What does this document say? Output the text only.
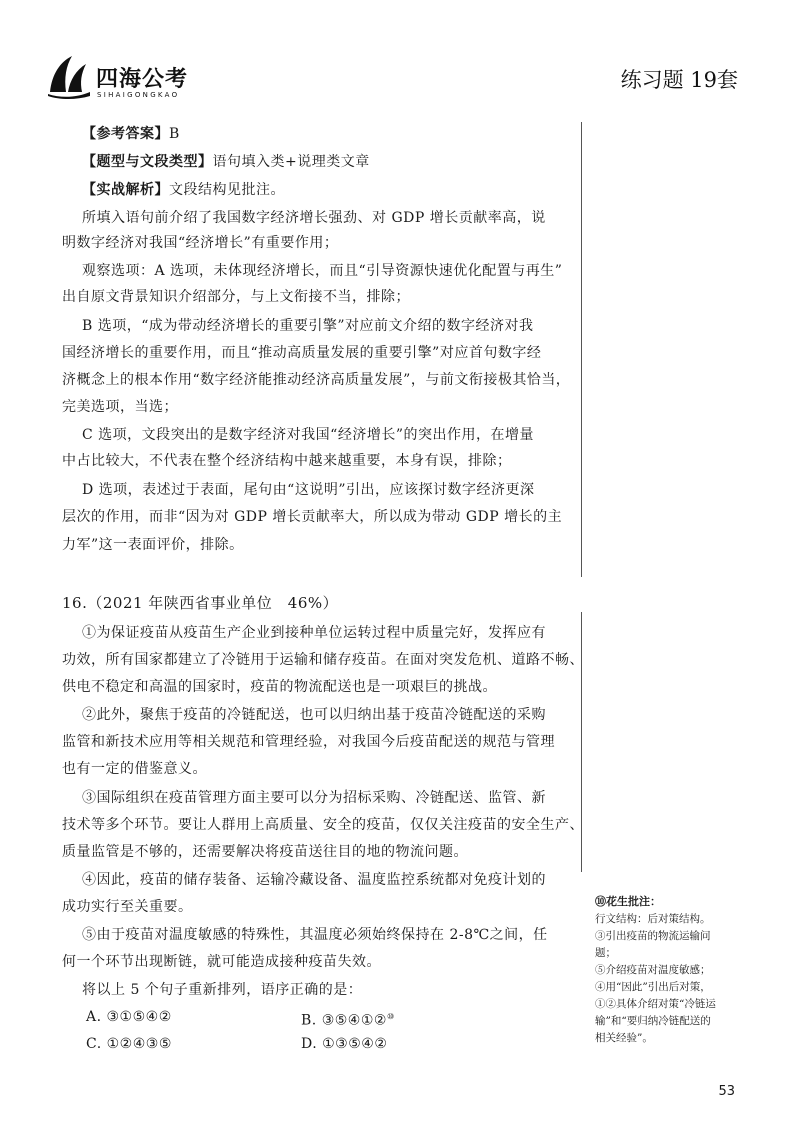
四海公考
SIHAIGONGKAO
练习题 19套
【参考答案】B
【题型与文段类型】语句填入类+说理类文章
【实战解析】文段结构见批注。
所填入语句前介绍了我国数字经济增长强劲、对 GDP 增长贡献率高，说
明数字经济对我国“经济增长”有重要作用；
观察选项：A 选项，未体现经济增长，而且“引导资源快速优化配置与再生”
出自原文背景知识介绍部分，与上文衔接不当，排除；
B 选项，“成为带动经济增长的重要引擎”对应前文介绍的数字经济对我
国经济增长的重要作用，而且“推动高质量发展的重要引擎”对应首句数字经
济概念上的根本作用“数字经济能推动经济高质量发展”，与前文衔接极其恰当，
完美选项，当选；
C 选项，文段突出的是数字经济对我国“经济增长”的突出作用，在增量
中占比较大，不代表在整个经济结构中越来越重要，本身有误，排除；
D 选项，表述过于表面，尾句由“这说明”引出，应该探讨数字经济更深
层次的作用，而非“因为对 GDP 增长贡献率大，所以成为带动 GDP 增长的主
力军”这一表面评价，排除。
16.（2021 年陕西省事业单位　46%）
①为保证疫苗从疫苗生产企业到接种单位运转过程中质量完好，发挥应有
功效，所有国家都建立了冷链用于运输和储存疫苗。在面对突发危机、道路不畅、
供电不稳定和高温的国家时，疫苗的物流配送也是一项艰巨的挑战。
②此外，聚焦于疫苗的冷链配送，也可以归纳出基于疫苗冷链配送的采购
监管和新技术应用等相关规范和管理经验，对我国今后疫苗配送的规范与管理
也有一定的借鉴意义。
③国际组织在疫苗管理方面主要可以分为招标采购、冷链配送、监管、新
技术等多个环节。要让人群用上高质量、安全的疫苗，仅仅关注疫苗的安全生产、
质量监管是不够的，还需要解决将疫苗送往目的地的物流问题。
④因此，疫苗的储存装备、运输冷藏设备、温度监控系统都对免疫计划的
成功实行至关重要。
⑤由于疫苗对温度敏感的特殊性，其温度必须始终保持在 2-8℃之间，任
何一个环节出现断链，就可能造成接种疫苗失效。
将以上 5 个句子重新排列，语序正确的是：
A. ③①⑤④②	B. ③⑤④①②⑩
C. ①②④③⑤	D. ①③⑤④②
⑩花生批注：
行文结构：后对策结构。
③引出疫苗的物流运输问
题；
⑤介绍疫苗对温度敏感；
④用“因此”引出后对策，
①②具体介绍对策“冷链运
输”和“要归纳冷链配送的
相关经验”。
53
